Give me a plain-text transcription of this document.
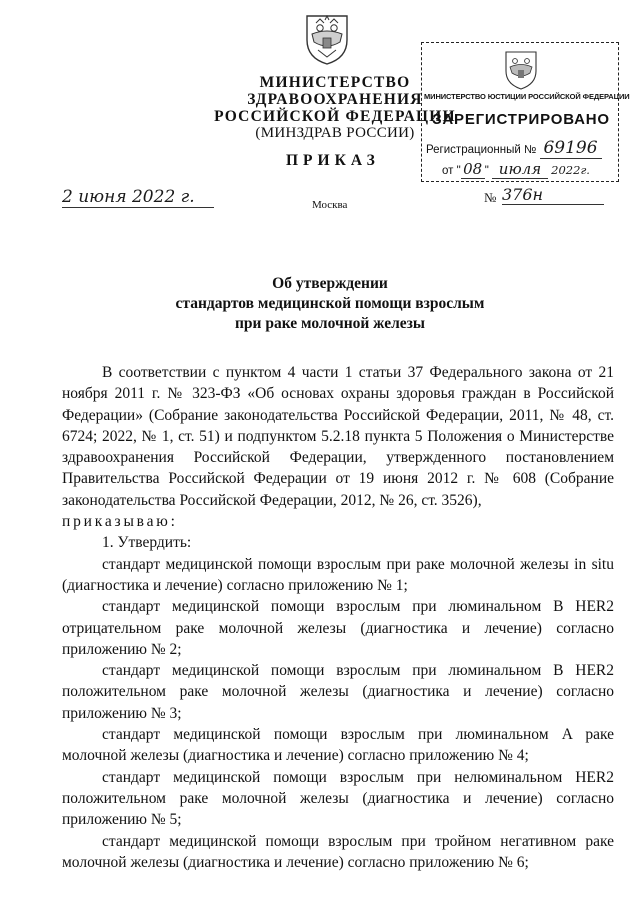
МИНИСТЕРСТВО ЗДРАВООХРАНЕНИЯ
РОССИЙСКОЙ ФЕДЕРАЦИИ
(МИНЗДРАВ РОССИИ)
МИНИСТЕРСТВО ЮСТИЦИИ РОССИЙСКОЙ ФЕДЕРАЦИИ
ЗАРЕГИСТРИРОВАНО
Регистрационный № 69196
от " 08 " июля 2022г.
ПРИКАЗ
2 июня 2022 г.	Москва	№ 376н
Об утверждении
стандартов медицинской помощи взрослым
при раке молочной железы

В соответствии с пунктом 4 части 1 статьи 37 Федерального закона от 21 ноября 2011 г. № 323-ФЗ «Об основах охраны здоровья граждан в Российской Федерации» (Собрание законодательства Российской Федерации, 2011, № 48, ст. 6724; 2022, № 1, ст. 51) и подпунктом 5.2.18 пункта 5 Положения о Министерстве здравоохранения Российской Федерации, утвержденного постановлением Правительства Российской Федерации от 19 июня 2012 г. № 608 (Собрание законодательства Российской Федерации, 2012, № 26, ст. 3526),

приказываю:

1. Утвердить:

стандарт медицинской помощи взрослым при раке молочной железы in situ (диагностика и лечение) согласно приложению № 1;

стандарт медицинской помощи взрослым при люминальном B HER2 отрицательном раке молочной железы (диагностика и лечение) согласно приложению № 2;

стандарт медицинской помощи взрослым при люминальном B HER2 положительном раке молочной железы (диагностика и лечение) согласно приложению № 3;

стандарт медицинской помощи взрослым при люминальном A раке молочной железы (диагностика и лечение) согласно приложению № 4;

стандарт медицинской помощи взрослым при нелюминальном HER2 положительном раке молочной железы (диагностика и лечение) согласно приложению № 5;

стандарт медицинской помощи взрослым при тройном негативном раке молочной железы (диагностика и лечение) согласно приложению № 6;
